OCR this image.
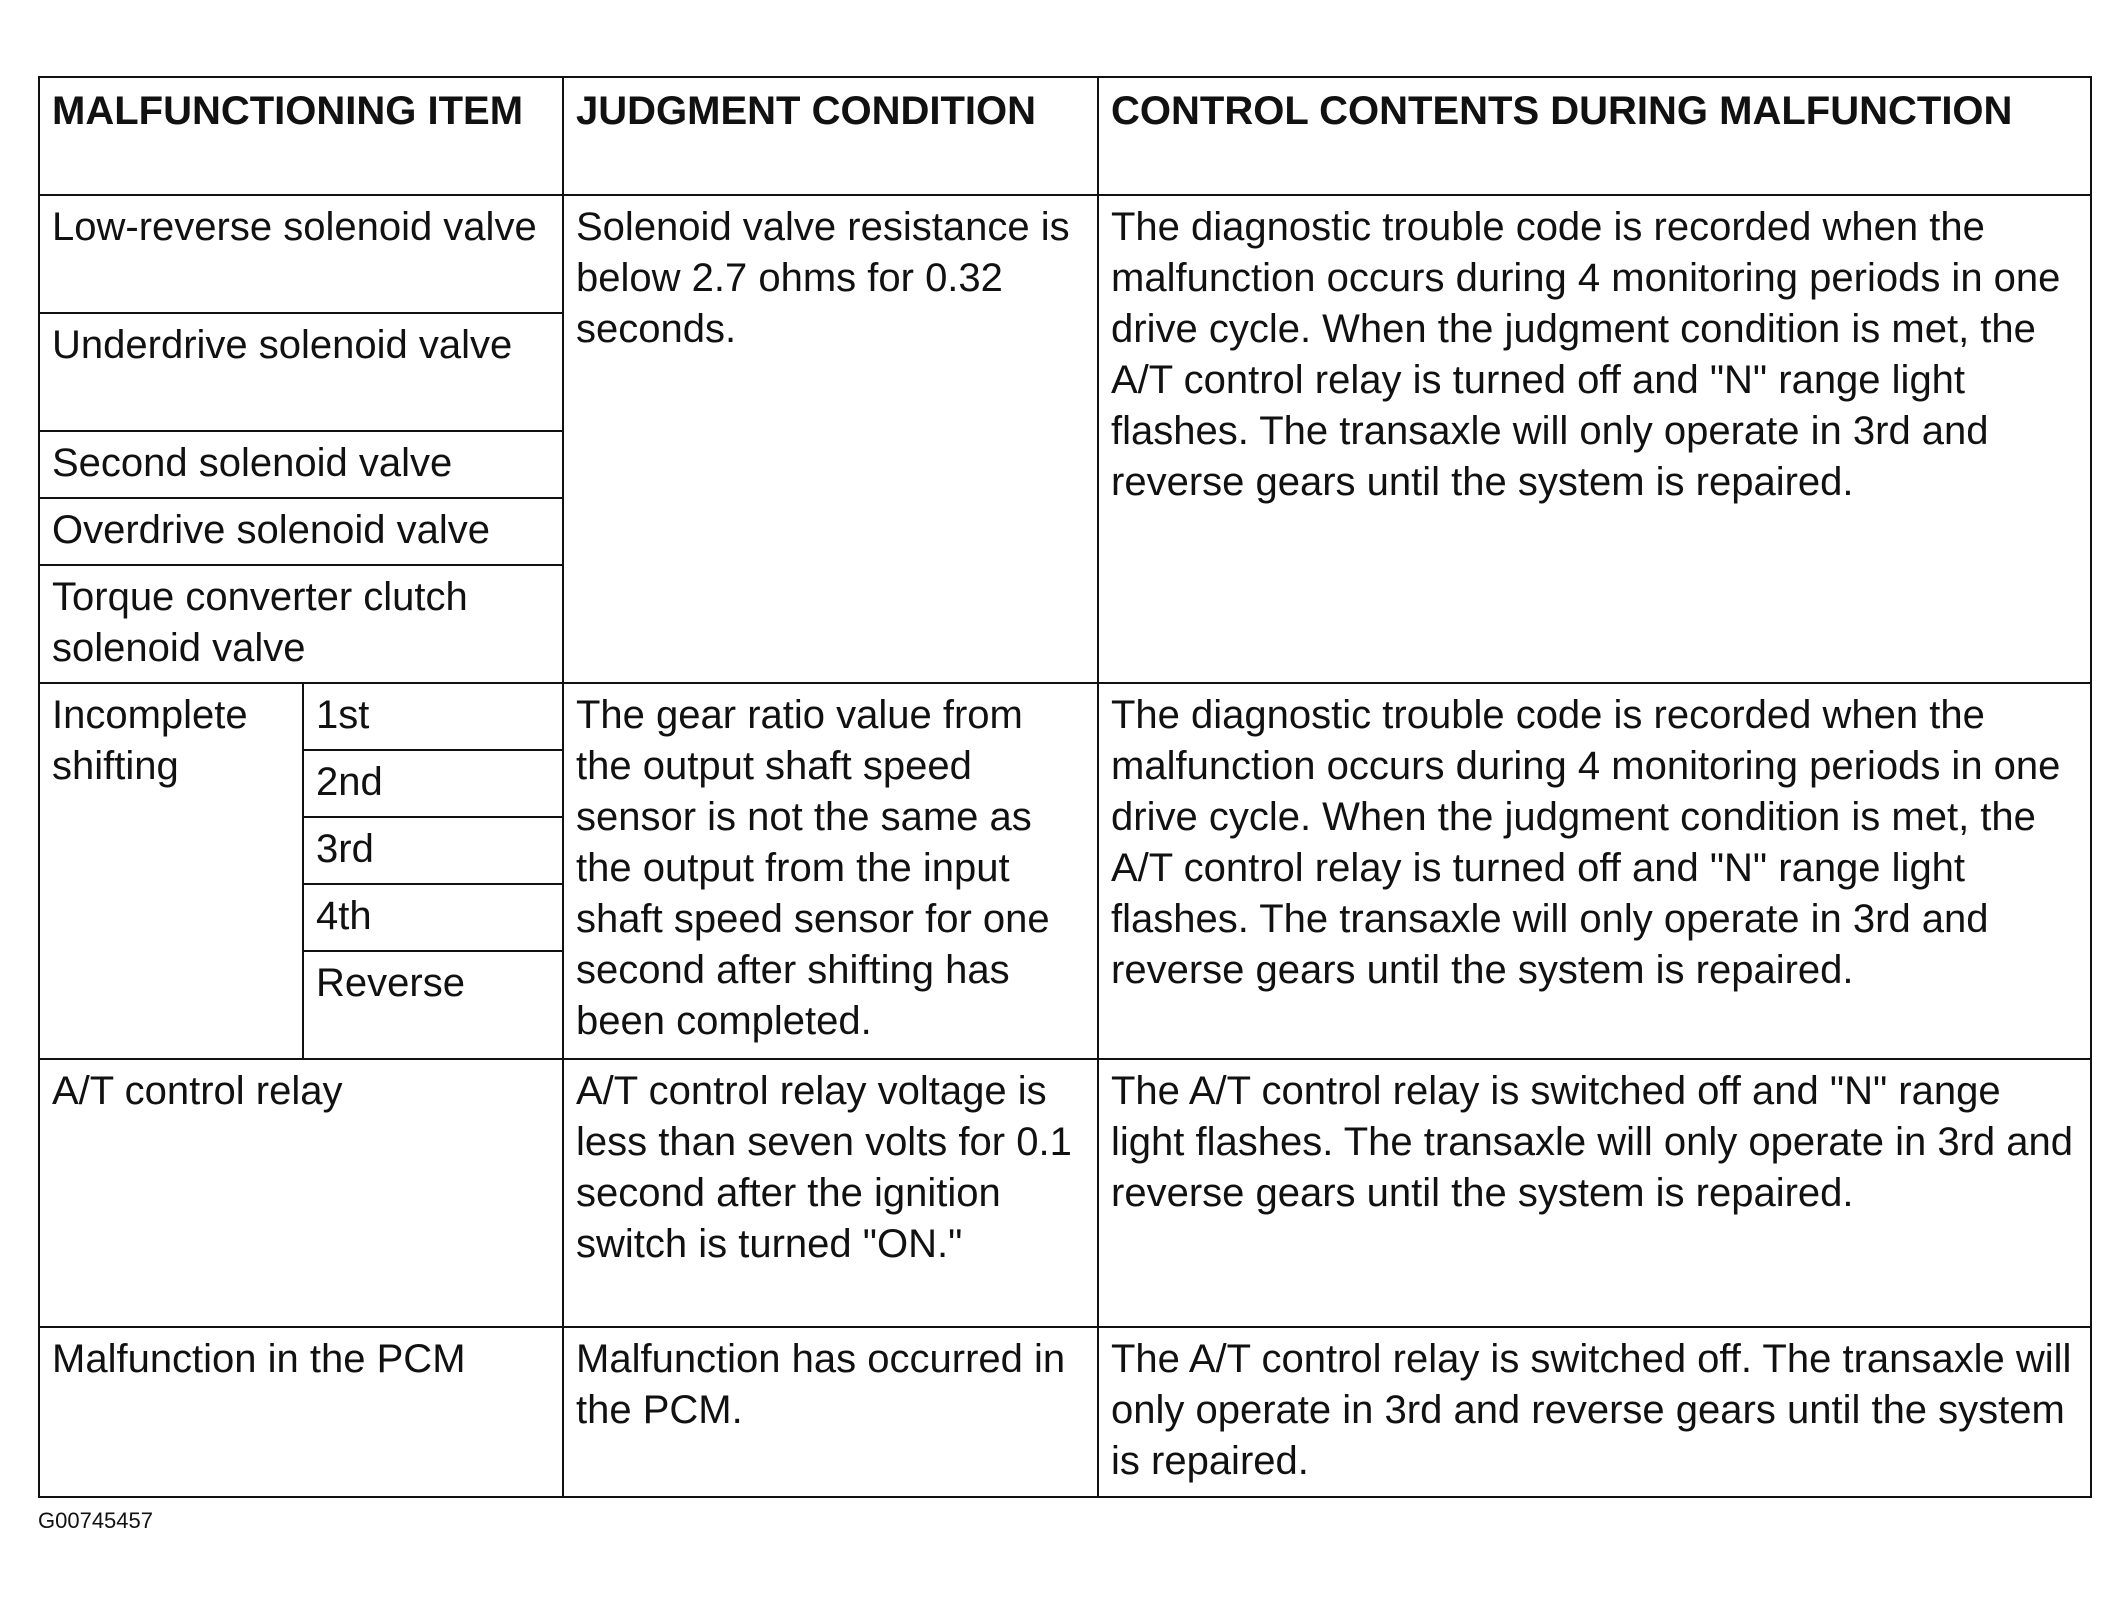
MALFUNCTIONING ITEM		JUDGMENT CONDITION	CONTROL CONTENTS DURING MALFUNCTION
Low-reverse solenoid valve		Solenoid valve resistance is below 2.7 ohms for 0.32 seconds.	The diagnostic trouble code is recorded when the malfunction occurs during 4 monitoring periods in one drive cycle. When the judgment condition is met, the A/T control relay is turned off and "N" range light flashes. The transaxle will only operate in 3rd and reverse gears until the system is repaired.
Underdrive solenoid valve			
Second solenoid valve			
Overdrive solenoid valve			
Torque converter clutch solenoid valve			
Incomplete shifting	1st	The gear ratio value from the output shaft speed sensor is not the same as the output from the input shaft speed sensor for one second after shifting has been completed.	The diagnostic trouble code is recorded when the malfunction occurs during 4 monitoring periods in one drive cycle. When the judgment condition is met, the A/T control relay is turned off and "N" range light flashes. The transaxle will only operate in 3rd and reverse gears until the system is repaired.
	2nd		
	3rd		
	4th		
	Reverse		
A/T control relay		A/T control relay voltage is less than seven volts for 0.1 second after the ignition switch is turned "ON."	The A/T control relay is switched off and "N" range light flashes. The transaxle will only operate in 3rd and reverse gears until the system is repaired.
Malfunction in the PCM		Malfunction has occurred in the PCM.	The A/T control relay is switched off. The transaxle will only operate in 3rd and reverse gears until the system is repaired.
G00745457
